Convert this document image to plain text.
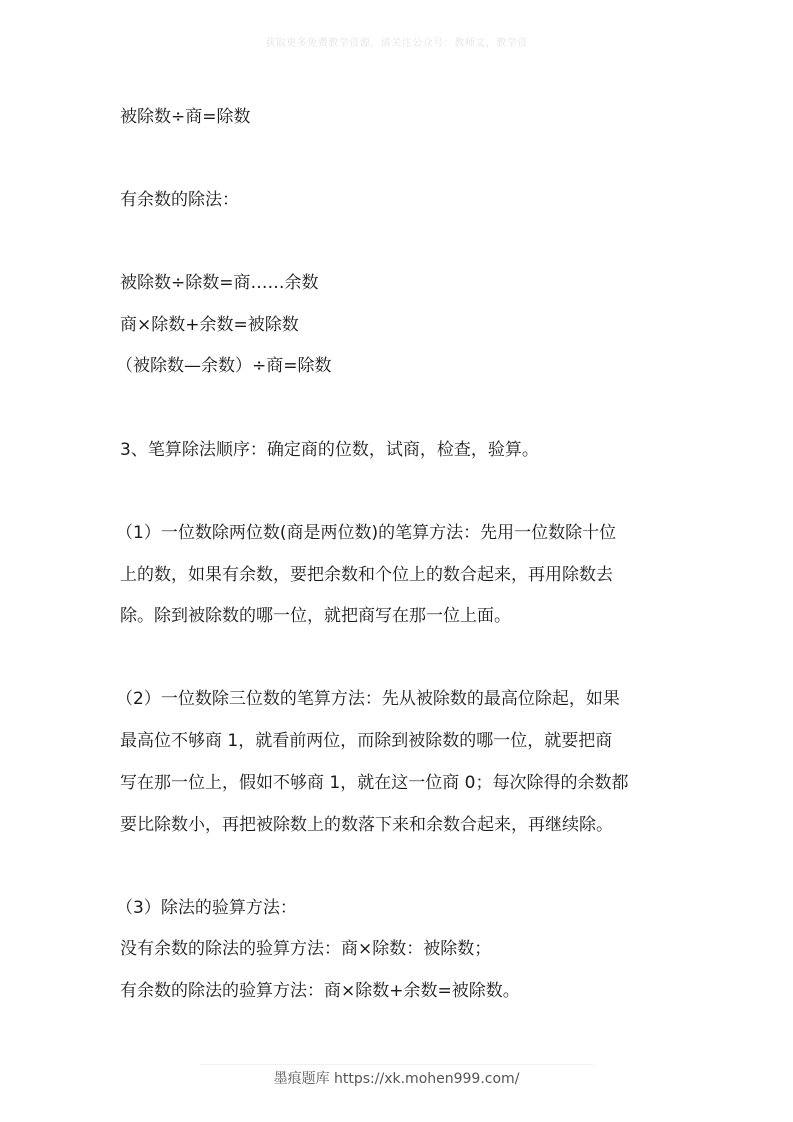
获取更多免费教学资源，请关注公众号：教师文，教学资
被除数÷商=除数
有余数的除法：
被除数÷除数=商……余数
商×除数+余数=被除数
（被除数—余数）÷商=除数
3、笔算除法顺序：确定商的位数，试商，检查，验算。
（1）一位数除两位数(商是两位数)的笔算方法：先用一位数除十位
上的数，如果有余数，要把余数和个位上的数合起来，再用除数去
除。除到被除数的哪一位，就把商写在那一位上面。
（2）一位数除三位数的笔算方法：先从被除数的最高位除起，如果
最高位不够商 1，就看前两位，而除到被除数的哪一位，就要把商
写在那一位上，假如不够商 1，就在这一位商 0；每次除得的余数都
要比除数小，再把被除数上的数落下来和余数合起来，再继续除。
（3）除法的验算方法：
没有余数的除法的验算方法：商×除数：被除数；
有余数的除法的验算方法：商×除数+余数=被除数。
墨痕题库 https://xk.mohen999.com/
